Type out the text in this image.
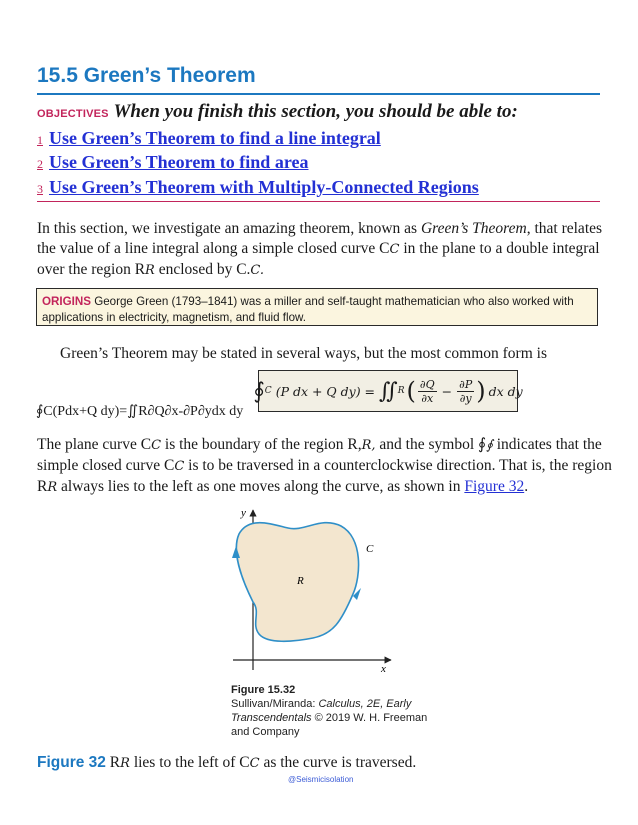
15.5 Green’s Theorem
OBJECTIVES When you finish this section, you should be able to:
1 Use Green’s Theorem to find a line integral
2 Use Green’s Theorem to find area
3 Use Green’s Theorem with Multiply-Connected Regions
In this section, we investigate an amazing theorem, known as Green’s Theorem, that relates
the value of a line integral along a simple closed curve CC in the plane to a double integral
over the region RR enclosed by C.C.
ORIGINS George Green (1793–1841) was a miller and self-taught mathematician who also worked with
applications in electricity, magnetism, and fluid flow.
Green’s Theorem may be stated in several ways, but the most common form is
∮ C (P dx + Q dy) = ∬ R ( $\frac{\partial Q}{\partial x} - \frac{\partial P}{\partial y}$ ) dx dy
∮C(Pdx+Q dy)=∬R∂Q∂x-∂P∂ydx dy
The plane curve CC is the boundary of the region R,R, and the symbol ∮∮ indicates that the
simple closed curve CC is to be traversed in a counterclockwise direction. That is, the region
RR always lies to the left as one moves along the curve, as shown in Figure 32.
y
x
C
R
Figure 15.32
Sullivan/Miranda: Calculus, 2E, Early
Transcendentals © 2019 W. H. Freeman
and Company
Figure 32 RR lies to the left of CC as the curve is traversed.
@Seismicisolation
